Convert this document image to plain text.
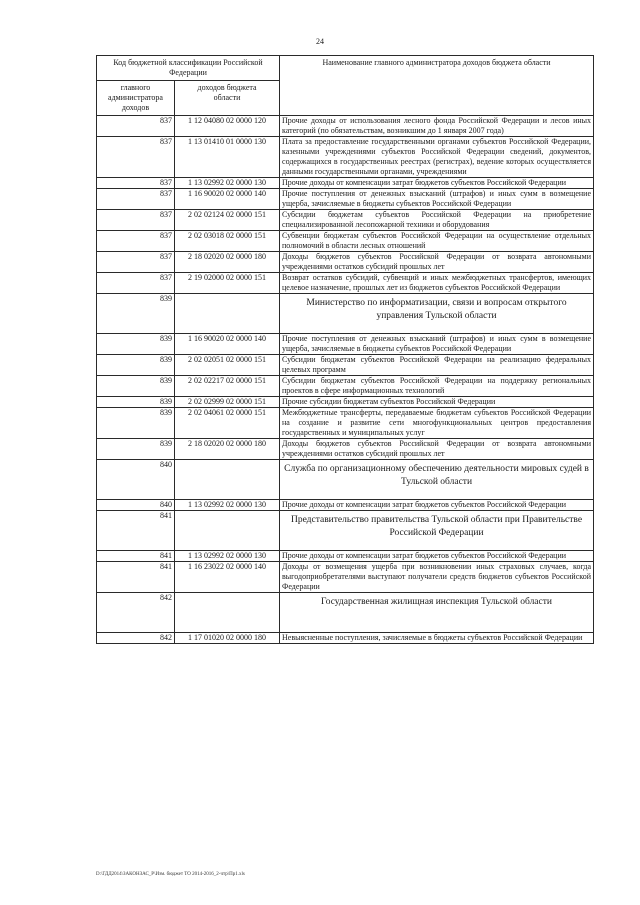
24
Код бюджетной классификации Российской Федерации		Наименование главного администратора доходов бюджета области
главного администратора доходов	доходов бюджета области	
837	1 12 04080 02 0000 120	Прочие доходы от использования лесного фонда Российской Федерации и лесов иных категорий (по обязательствам, возникшим до 1 января 2007 года)
837	1 13 01410 01 0000 130	Плата за предоставление государственными органами субъектов Российской Федерации, казенными учреждениями субъектов Российской Федерации сведений, документов, содержащихся в государственных реестрах (регистрах), ведение которых осуществляется данными государственными органами, учреждениями
837	1 13 02992 02 0000 130	Прочие доходы от компенсации затрат бюджетов субъектов Российской Федерации
837	1 16 90020 02 0000 140	Прочие поступления от денежных взысканий (штрафов) и иных сумм в возмещение ущерба, зачисляемые в бюджеты субъектов Российской Федерации
837	2 02 02124 02 0000 151	Субсидии бюджетам субъектов Российской Федерации на приобретение специализированной лесопожарной техники и оборудования
837	2 02 03018 02 0000 151	Субвенции бюджетам субъектов Российской Федерации на осуществление отдельных полномочий в области лесных отношений
837	2 18 02020 02 0000 180	Доходы бюджетов субъектов Российской Федерации от возврата автономными учреждениями остатков субсидий прошлых лет
837	2 19 02000 02 0000 151	Возврат остатков субсидий, субвенций и иных межбюджетных трансфертов, имеющих целевое назначение, прошлых лет из бюджетов субъектов Российской Федерации
839		Министерство по информатизации, связи и вопросам открытого управления Тульской области
839	1 16 90020 02 0000 140	Прочие поступления от денежных взысканий (штрафов) и иных сумм в возмещение ущерба, зачисляемые в бюджеты субъектов Российской Федерации
839	2 02 02051 02 0000 151	Субсидии бюджетам субъектов Российской Федерации на реализацию федеральных целевых программ
839	2 02 02217 02 0000 151	Субсидии бюджетам субъектов Российской Федерации на поддержку региональных проектов в сфере информационных технологий
839	2 02 02999 02 0000 151	Прочие субсидии бюджетам субъектов Российской Федерации
839	2 02 04061 02 0000 151	Межбюджетные трансферты, передаваемые бюджетам субъектов Российской Федерации на создание и развитие сети многофункциональных центров предоставления государственных и муниципальных услуг
839	2 18 02020 02 0000 180	Доходы бюджетов субъектов Российской Федерации от возврата автономными учреждениями остатков субсидий прошлых лет
840		Служба по организационному обеспечению деятельности мировых судей в Тульской области
840	1 13 02992 02 0000 130	Прочие доходы от компенсации затрат бюджетов субъектов Российской Федерации
841		Представительство правительства Тульской области при Правительстве Российской Федерации
841	1 13 02992 02 0000 130	Прочие доходы от компенсации затрат бюджетов субъектов Российской Федерации
841	1 16 23022 02 0000 140	Доходы от возмещения ущерба при возникновении иных страховых случаев, когда выгодоприобретателями выступают получатели средств бюджетов субъектов Российской Федерации
842		Государственная жилищная инспекция Тульской области
842	1 17 01020 02 0000 180	Невыясненные поступления, зачисляемые в бюджеты субъектов Российской Федерации
D:\ГДД2014\ЗАКОНЗАС_Р\Изм. бюджет ТО 2014-2016_2-чтр\Пр1.xls
